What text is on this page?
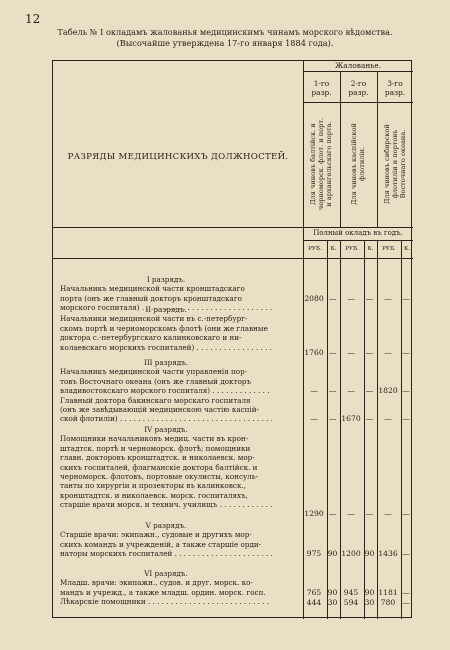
12
Табель № I окладамъ жалованья медицинскимъ чинамъ морского вѣдомства.
(Высочайше утверждена 17-го января 1884 года).
Жалованье.
РАЗРЯДЫ МЕДИЦИНСКИХЪ ДОЛЖНОСТЕЙ.
1-го
разр.
2-го
разр.
3-го
разр.
Для чиновъ балтійск. и
черноморск. флот. и порт.
и архангельскаго порта.
Для чиновъ каспійской
флотиліи.
Для чиновъ сибирской
флотиліи и портовъ
Восточнаго океана.
Полный окладъ въ годъ.
РУБ.	К.	РУБ.	К.	РУБ.	К.
I разрядъ.
Начальникъ медицинской части кронштадскаго
порта (онъ же главный докторъ кронштадскаго
морского госпиталя) . . .
2080 —	—	—	—	—
II разрядъ.
Начальники медицинской части въ с.-петербург-
скомъ портѣ и черноморскомъ флотѣ (они же главные
доктора с.-петербургскаго калинковскаго и ни-
колаевскаго морскихъ госпиталей) . . .
1760 —	—	—	—	—
III разрядъ.
Начальникъ медицинской части управленія пор-
товъ Восточнаго океана (онъ же главный докторъ
владивостокскаго морского госпиталя) . . .
Главный доктора бакинскаго морскаго госпиталя
(онъ же завѣдывающій медицинскою частію каспій-
ской флотиліи) . . .
—	—	—	— 1820 —
—	— 1670 —	—	—
IV разрядъ.
Помощники начальниковъ медиц. части въ крон-
штадтск. портѣ и черноморск. флотѣ; помощники
главн. докторовъ кронштадтск. и николаевск. мор-
скихъ госпиталей, флагманскіе доктора балтійск. и
черноморск. флотовъ, портовые окулисты, консуль-
танты по хирургіи и прозекторы въ калинковск.,
кронштадтск. и николаевск. морск. госпиталяхъ,
старшіе врачи морск. и технич. училищъ . . .
1290 —	—	—	—	—
V разрядъ.
Старшіе врачи: экипажн., судовые и другихъ мор-
скихъ командъ и учрежденій, а также старшіе орди-
наторы морскихъ госпиталей . . .	975 90 1200 90 1436 —
VI разрядъ.
Младш. врачи: экипажн., судов. и друг. морск. ко-
мандъ и учрежд., а также младш. ордин. морск. госп.
Лѣкарскіе помощники . . .
765 90 945 90 1181 —
444 30 594 30 780 —
